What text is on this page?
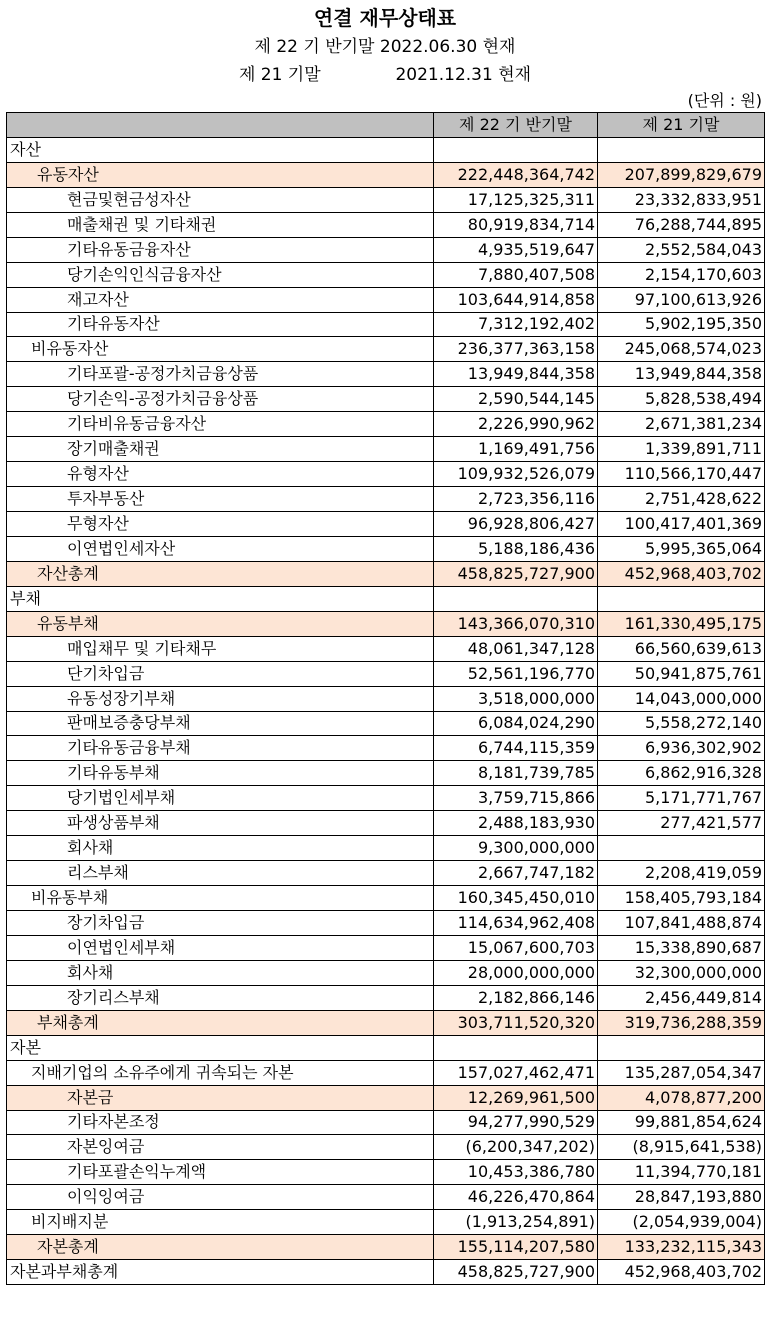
연결 재무상태표
제 22 기 반기말 2022.06.30 현재
제 21 기말	2021.12.31 현재
(단위 : 원)
	제 22 기 반기말	제 21 기말
자산		
유동자산	222,448,364,742	207,899,829,679
현금및현금성자산	17,125,325,311	23,332,833,951
매출채권 및 기타채권	80,919,834,714	76,288,744,895
기타유동금융자산	4,935,519,647	2,552,584,043
당기손익인식금융자산	7,880,407,508	2,154,170,603
재고자산	103,644,914,858	97,100,613,926
기타유동자산	7,312,192,402	5,902,195,350
비유동자산	236,377,363,158	245,068,574,023
기타포괄-공정가치금융상품	13,949,844,358	13,949,844,358
당기손익-공정가치금융상품	2,590,544,145	5,828,538,494
기타비유동금융자산	2,226,990,962	2,671,381,234
장기매출채권	1,169,491,756	1,339,891,711
유형자산	109,932,526,079	110,566,170,447
투자부동산	2,723,356,116	2,751,428,622
무형자산	96,928,806,427	100,417,401,369
이연법인세자산	5,188,186,436	5,995,365,064
자산총계	458,825,727,900	452,968,403,702
부채		
유동부채	143,366,070,310	161,330,495,175
매입채무 및 기타채무	48,061,347,128	66,560,639,613
단기차입금	52,561,196,770	50,941,875,761
유동성장기부채	3,518,000,000	14,043,000,000
판매보증충당부채	6,084,024,290	5,558,272,140
기타유동금융부채	6,744,115,359	6,936,302,902
기타유동부채	8,181,739,785	6,862,916,328
당기법인세부채	3,759,715,866	5,171,771,767
파생상품부채	2,488,183,930	277,421,577
회사채	9,300,000,000	
리스부채	2,667,747,182	2,208,419,059
비유동부채	160,345,450,010	158,405,793,184
장기차입금	114,634,962,408	107,841,488,874
이연법인세부채	15,067,600,703	15,338,890,687
회사채	28,000,000,000	32,300,000,000
장기리스부채	2,182,866,146	2,456,449,814
부채총계	303,711,520,320	319,736,288,359
자본		
지배기업의 소유주에게 귀속되는 자본	157,027,462,471	135,287,054,347
자본금	12,269,961,500	4,078,877,200
기타자본조정	94,277,990,529	99,881,854,624
자본잉여금	(6,200,347,202)	(8,915,641,538)
기타포괄손익누계액	10,453,386,780	11,394,770,181
이익잉여금	46,226,470,864	28,847,193,880
비지배지분	(1,913,254,891)	(2,054,939,004)
자본총계	155,114,207,580	133,232,115,343
자본과부채총계	458,825,727,900	452,968,403,702
